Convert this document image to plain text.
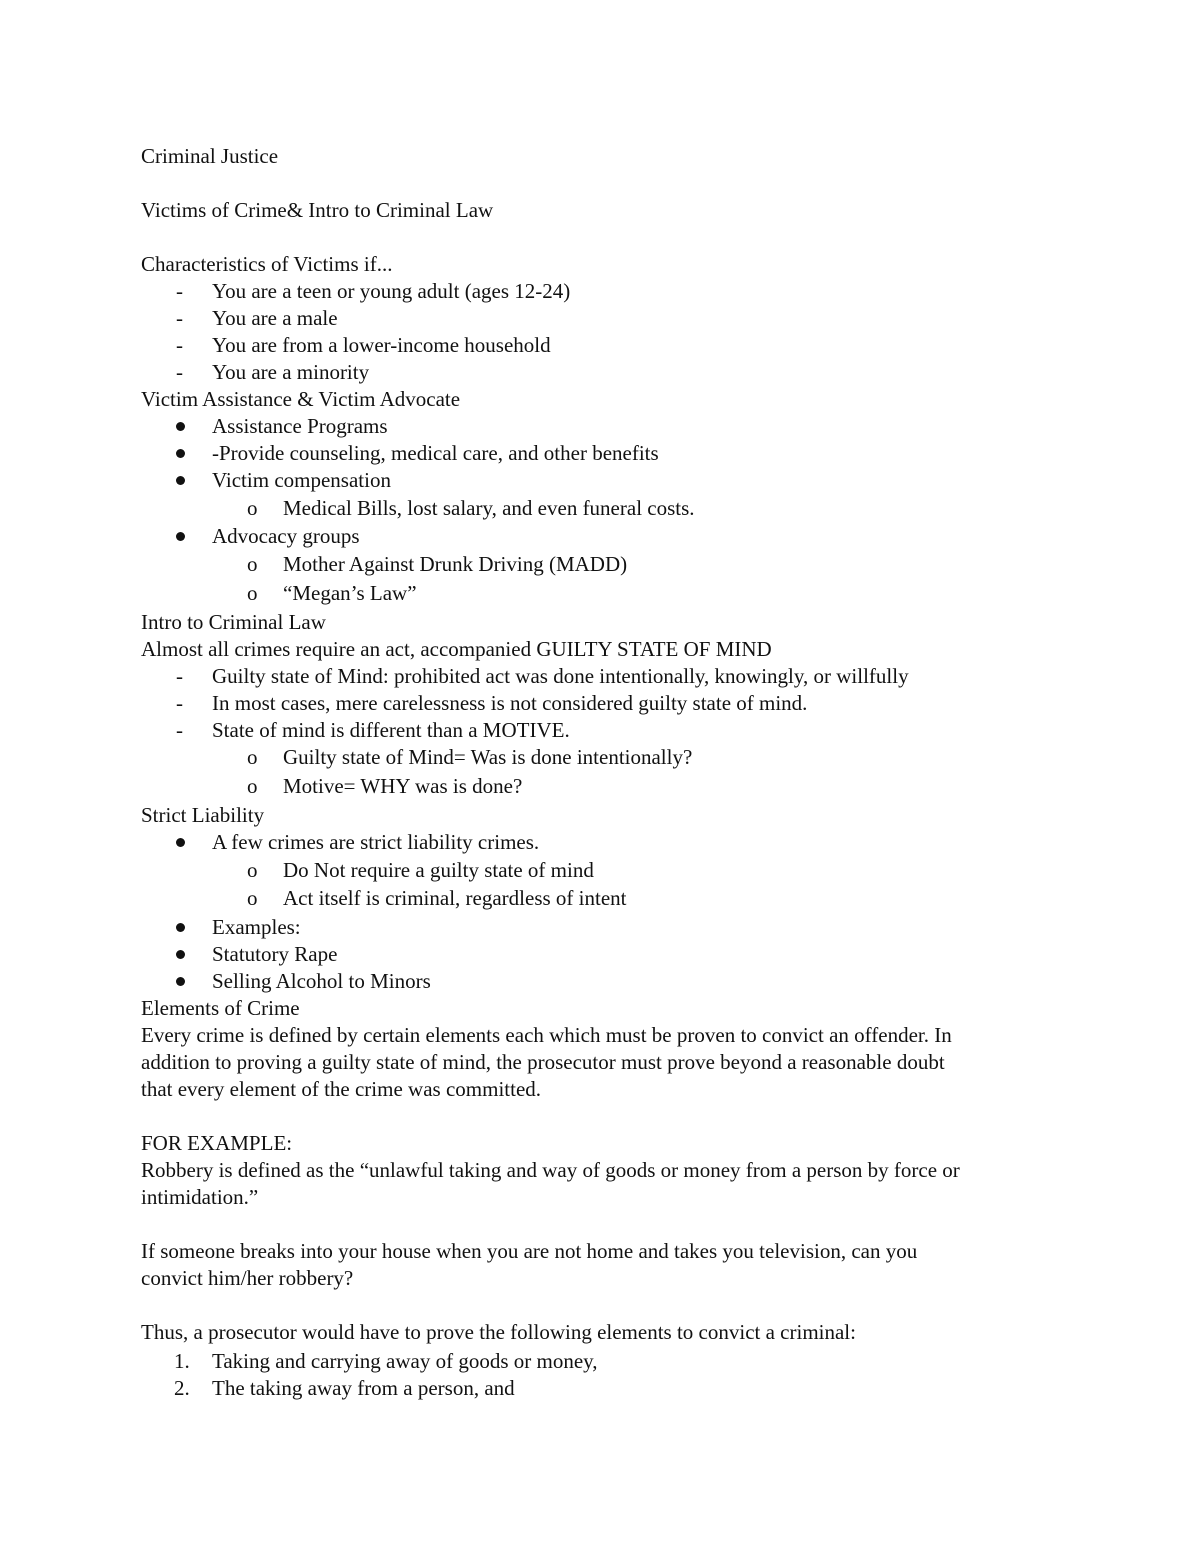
Criminal Justice
Victims of Crime& Intro to Criminal Law
Characteristics of Victims if...
- You are a teen or young adult (ages 12-24)
- You are a male
- You are from a lower-income household
- You are a minority
Victim Assistance & Victim Advocate
Assistance Programs
-Provide counseling, medical care, and other benefits
Victim compensation
o Medical Bills, lost salary, and even funeral costs.
Advocacy groups
o Mother Against Drunk Driving (MADD)
o “Megan’s Law”
Intro to Criminal Law
Almost all crimes require an act, accompanied GUILTY STATE OF MIND
- Guilty state of Mind: prohibited act was done intentionally, knowingly, or willfully
- In most cases, mere carelessness is not considered guilty state of mind.
- State of mind is different than a MOTIVE.
o Guilty state of Mind= Was is done intentionally?
o Motive= WHY was is done?
Strict Liability
A few crimes are strict liability crimes.
o Do Not require a guilty state of mind
o Act itself is criminal, regardless of intent
Examples:
Statutory Rape
Selling Alcohol to Minors
Elements of Crime
Every crime is defined by certain elements each which must be proven to convict an offender. In
addition to proving a guilty state of mind, the prosecutor must prove beyond a reasonable doubt
that every element of the crime was committed.
FOR EXAMPLE:
Robbery is defined as the “unlawful taking and way of goods or money from a person by force or
intimidation.”
If someone breaks into your house when you are not home and takes you television, can you
convict him/her robbery?
Thus, a prosecutor would have to prove the following elements to convict a criminal:
1. Taking and carrying away of goods or money,
2. The taking away from a person, and
